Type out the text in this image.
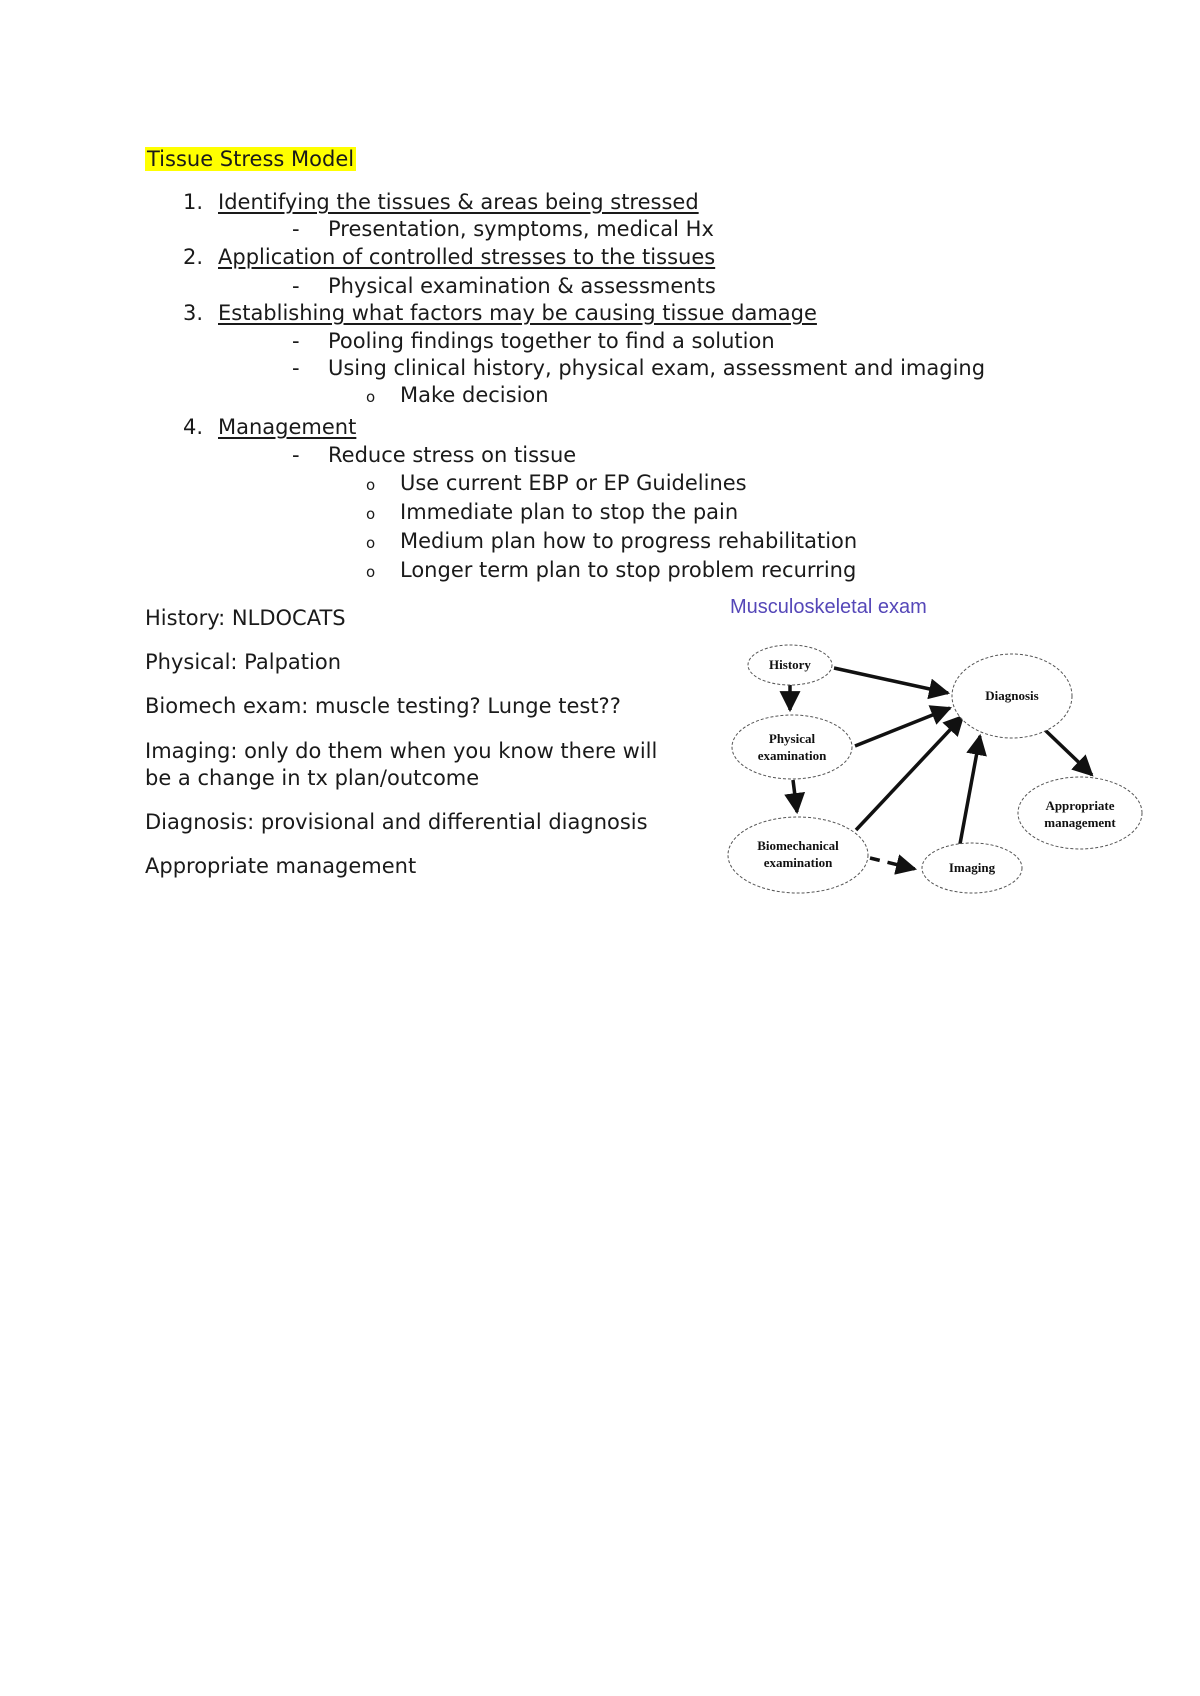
Tissue Stress Model
1. Identifying the tissues & areas being stressed
- Presentation, symptoms, medical Hx
2. Application of controlled stresses to the tissues
- Physical examination & assessments
3. Establishing what factors may be causing tissue damage
- Pooling findings together to find a solution
- Using clinical history, physical exam, assessment and imaging
o Make decision
4. Management
- Reduce stress on tissue
o Use current EBP or EP Guidelines
o Immediate plan to stop the pain
o Medium plan how to progress rehabilitation
o Longer term plan to stop problem recurring
History: NLDOCATS
Physical: Palpation
Biomech exam: muscle testing? Lunge test??
Imaging: only do them when you know there will
be a change in tx plan/outcome
Diagnosis: provisional and differential diagnosis
Appropriate management
Musculoskeletal exam
History
Physical
examination
Biomechanical
examination	Imaging
Diagnosis
Appropriate
management
